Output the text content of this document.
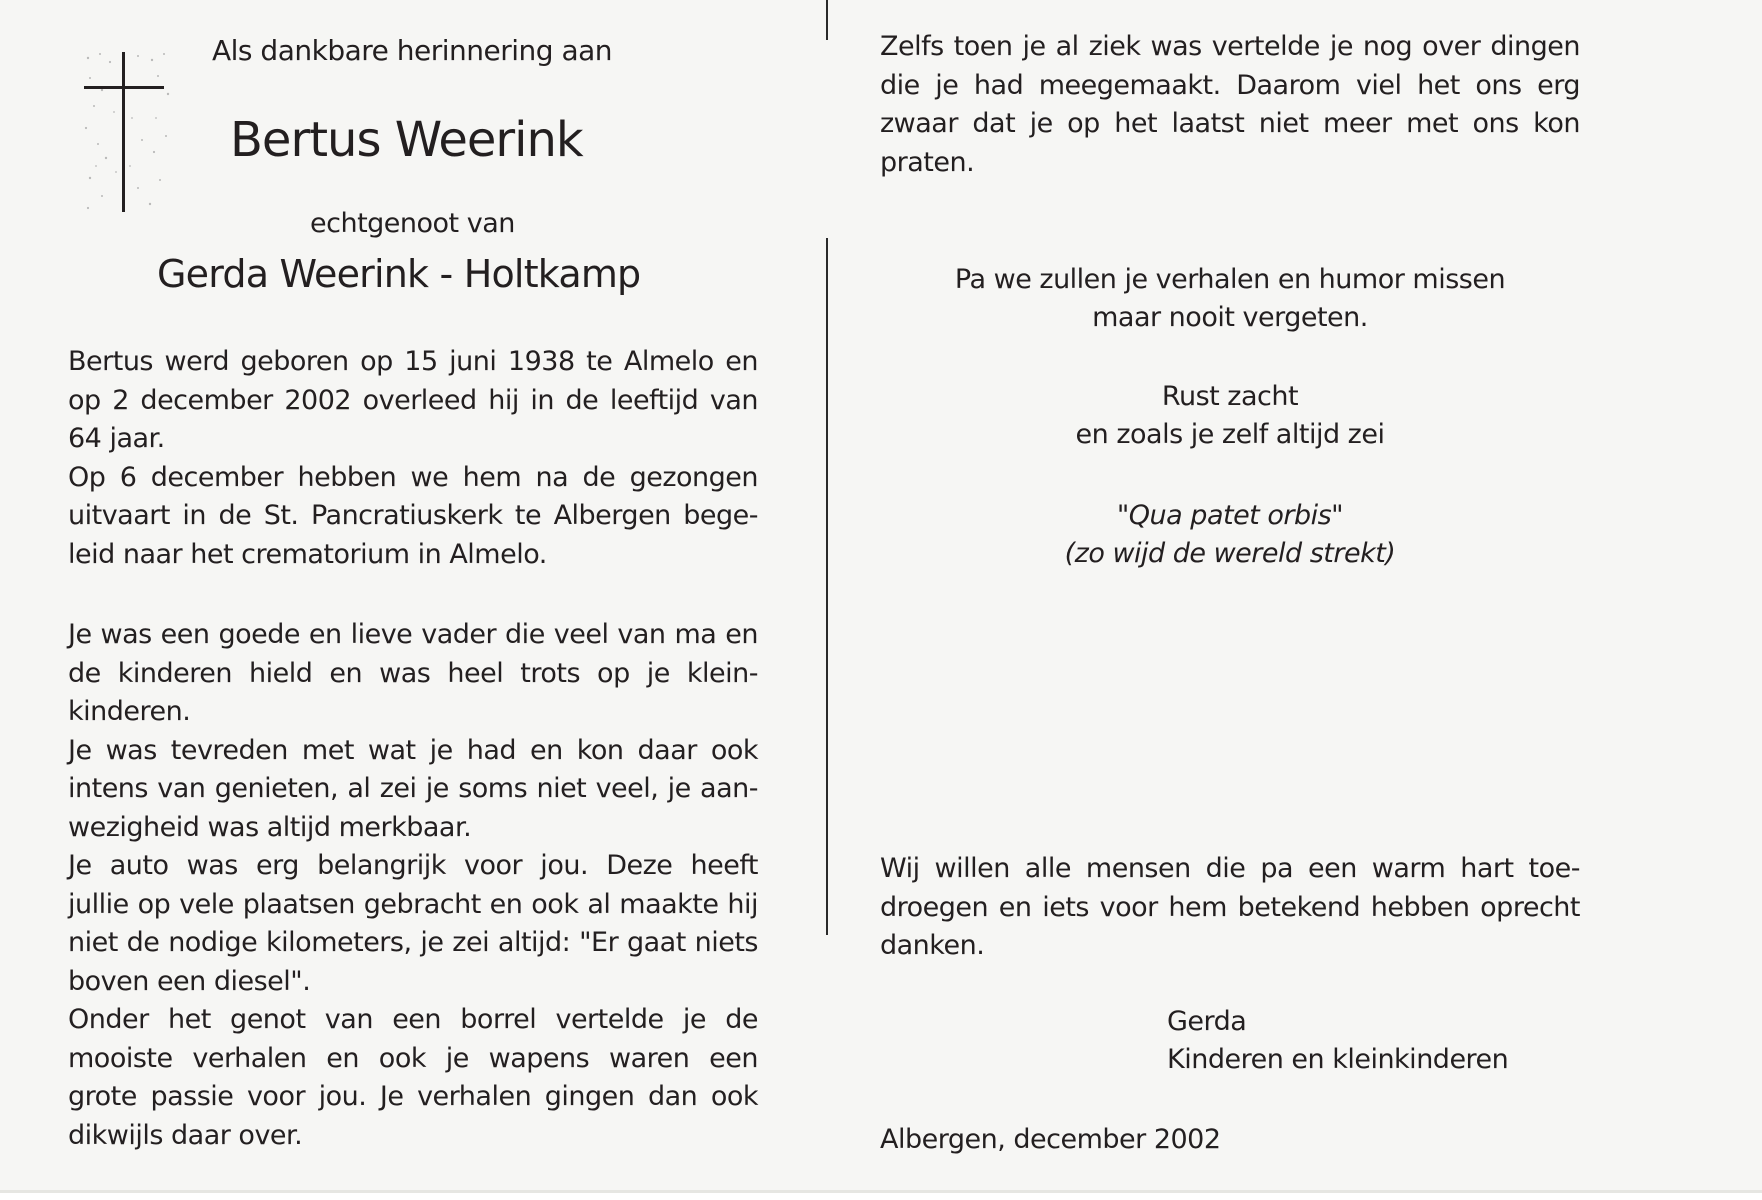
Als dankbare herinnering aan
Bertus Weerink
echtgenoot van
Gerda Weerink - Holtkamp
Bertus werd geboren op 15 juni 1938 te Almelo en
op 2 december 2002 overleed hij in de leeftijd van
64 jaar.
Op 6 december hebben we hem na de gezongen
uitvaart in de St. Pancratiuskerk te Albergen bege-
leid naar het crematorium in Almelo.
Je was een goede en lieve vader die veel van ma en
de kinderen hield en was heel trots op je klein-
kinderen.
Je was tevreden met wat je had en kon daar ook
intens van genieten, al zei je soms niet veel, je aan-
wezigheid was altijd merkbaar.
Je auto was erg belangrijk voor jou. Deze heeft
jullie op vele plaatsen gebracht en ook al maakte hij
niet de nodige kilometers, je zei altijd: "Er gaat niets
boven een diesel".
Onder het genot van een borrel vertelde je de
mooiste verhalen en ook je wapens waren een
grote passie voor jou. Je verhalen gingen dan ook
dikwijls daar over.
Zelfs toen je al ziek was vertelde je nog over dingen
die je had meegemaakt. Daarom viel het ons erg
zwaar dat je op het laatst niet meer met ons kon
praten.
Pa we zullen je verhalen en humor missen
maar nooit vergeten.
Rust zacht
en zoals je zelf altijd zei
"Qua patet orbis"
(zo wijd de wereld strekt)
Wij willen alle mensen die pa een warm hart toe-
droegen en iets voor hem betekend hebben oprecht
danken.
Gerda
Kinderen en kleinkinderen
Albergen, december 2002
